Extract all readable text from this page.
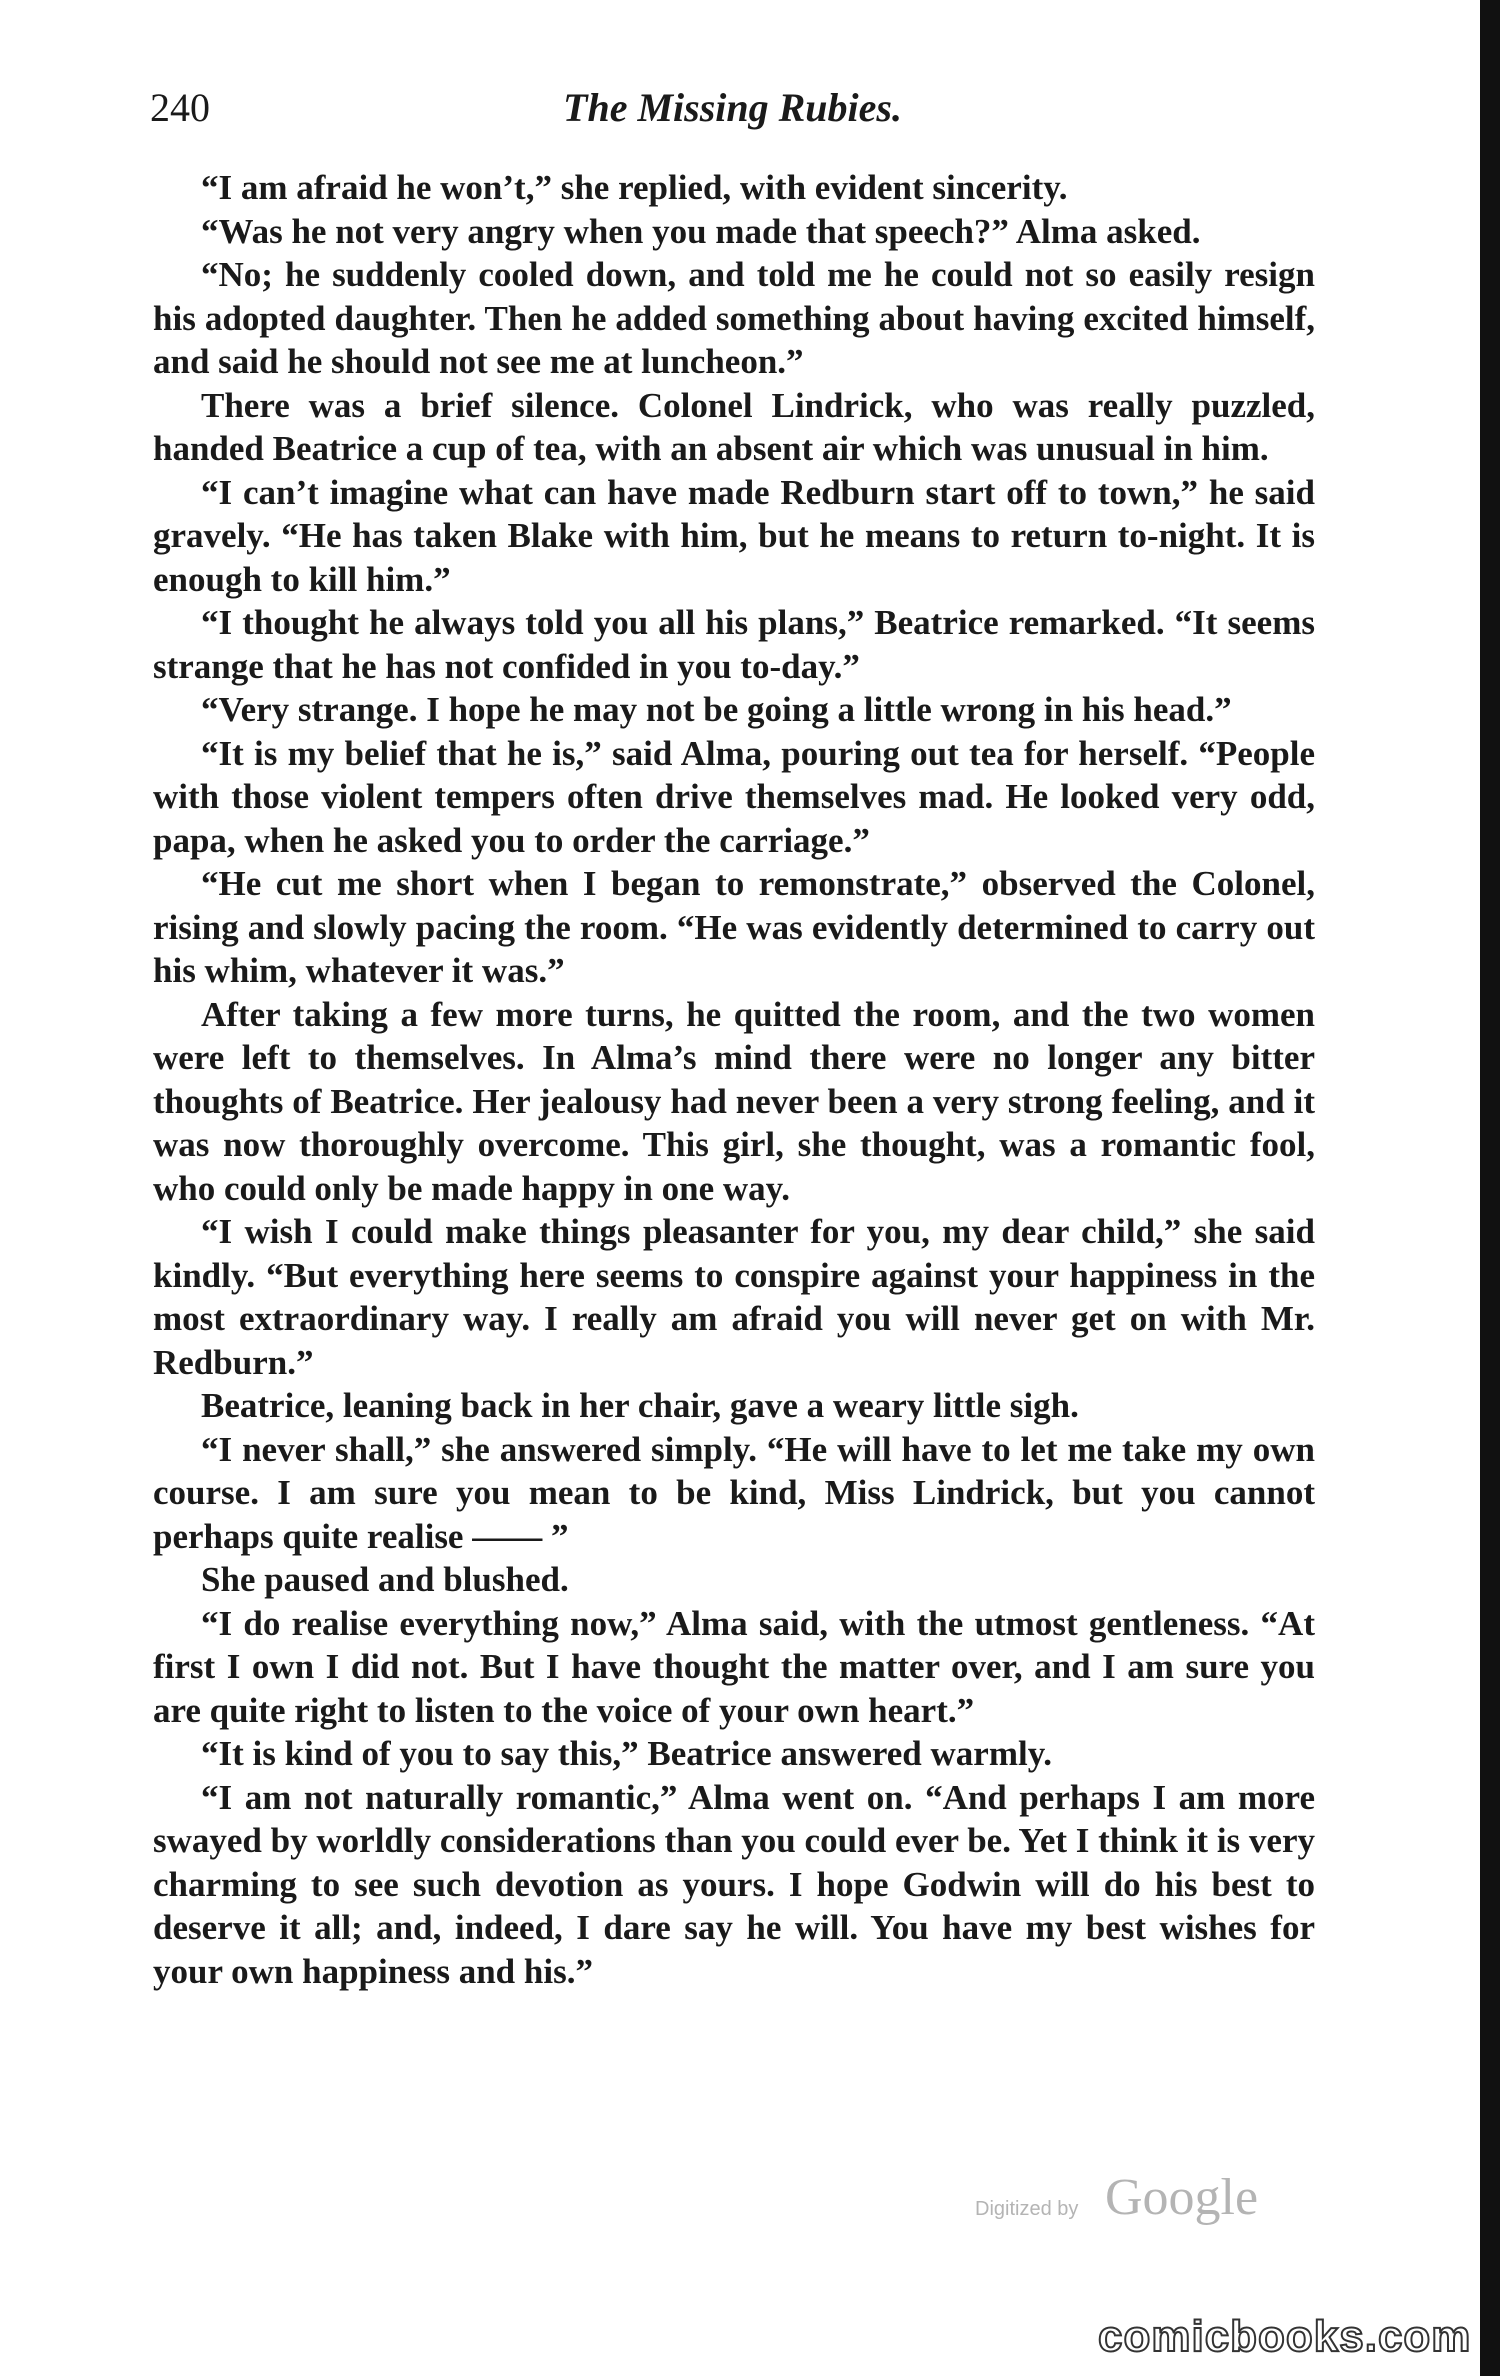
240	The Missing Rubies.

“I am afraid he won’t,” she replied, with evident sincerity.

“Was he not very angry when you made that speech?” Alma asked.

“No; he suddenly cooled down, and told me he could not so easily resign his adopted daughter. Then he added something about having excited himself, and said he should not see me at luncheon.”

There was a brief silence. Colonel Lindrick, who was really puzzled, handed Beatrice a cup of tea, with an absent air which was unusual in him.

“I can’t imagine what can have made Redburn start off to town,” he said gravely. “He has taken Blake with him, but he means to return to-night. It is enough to kill him.”

“I thought he always told you all his plans,” Beatrice remarked. “It seems strange that he has not confided in you to-day.”

“Very strange. I hope he may not be going a little wrong in his head.”

“It is my belief that he is,” said Alma, pouring out tea for herself. “People with those violent tempers often drive themselves mad. He looked very odd, papa, when he asked you to order the carriage.”

“He cut me short when I began to remonstrate,” observed the Colonel, rising and slowly pacing the room. “He was evidently determined to carry out his whim, whatever it was.”

After taking a few more turns, he quitted the room, and the two women were left to themselves. In Alma’s mind there were no longer any bitter thoughts of Beatrice. Her jealousy had never been a very strong feeling, and it was now thoroughly overcome. This girl, she thought, was a romantic fool, who could only be made happy in one way.

“I wish I could make things pleasanter for you, my dear child,” she said kindly. “But everything here seems to conspire against your happiness in the most extraordinary way. I really am afraid you will never get on with Mr. Redburn.”

Beatrice, leaning back in her chair, gave a weary little sigh.

“I never shall,” she answered simply. “He will have to let me take my own course. I am sure you mean to be kind, Miss Lindrick, but you cannot perhaps quite realise —— ”

She paused and blushed.

“I do realise everything now,” Alma said, with the utmost gentleness. “At first I own I did not. But I have thought the matter over, and I am sure you are quite right to listen to the voice of your own heart.”

“It is kind of you to say this,” Beatrice answered warmly.

“I am not naturally romantic,” Alma went on. “And perhaps I am more swayed by worldly considerations than you could ever be. Yet I think it is very charming to see such devotion as yours. I hope Godwin will do his best to deserve it all; and, indeed, I dare say he will. You have my best wishes for your own happiness and his.”

Digitized by Google
comicbooks.com
